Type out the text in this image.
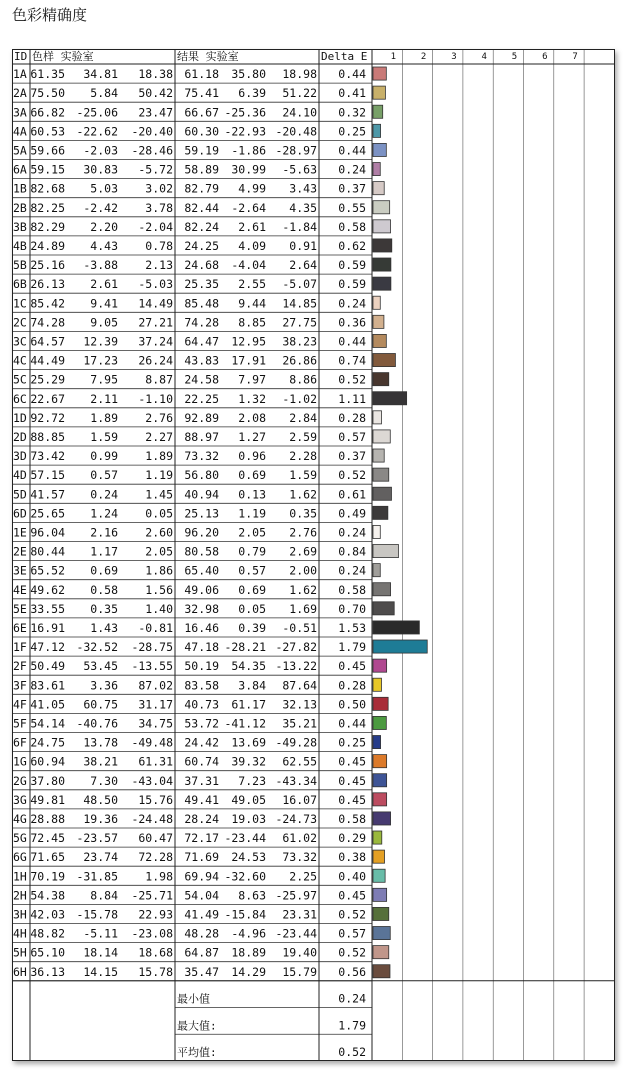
色彩精确度
ID 色样 实验室	结果 实验室	Delta E	1	2	3	4	5	6	7
1A 61.35 34.81 18.38 61.18 35.80 18.98 0.44
2A 75.50 5.84 50.42 75.41 6.39 51.22 0.41
3A 66.82 -25.06 23.47 66.67 -25.36 24.10 0.32
4A 60.53 -22.62 -20.40 60.30 -22.93 -20.48 0.25
5A 59.66 -2.03 -28.46 59.19 -1.86 -28.97 0.44
6A 59.15 30.83 -5.72 58.89 30.99 -5.63 0.24
1B 82.68 5.03 3.02 82.79 4.99 3.43 0.37
2B 82.25 -2.42 3.78 82.44 -2.64 4.35 0.55
3B 82.29 2.20 -2.04 82.24 2.61 -1.84 0.58
4B 24.89 4.43 0.78 24.25 4.09 0.91 0.62
5B 25.16 -3.88 2.13 24.68 -4.04 2.64 0.59
6B 26.13 2.61 -5.03 25.35 2.55 -5.07 0.59
1C 85.42 9.41 14.49 85.48 9.44 14.85 0.24
2C 74.28 9.05 27.21 74.28 8.85 27.75 0.36
3C 64.57 12.39 37.24 64.47 12.95 38.23 0.44
4C 44.49 17.23 26.24 43.83 17.91 26.86 0.74
5C 25.29 7.95 8.87 24.58 7.97 8.86 0.52
6C 22.67 2.11 -1.10 22.25 1.32 -1.02 1.11
1D 92.72 1.89 2.76 92.89 2.08 2.84 0.28
2D 88.85 1.59 2.27 88.97 1.27 2.59 0.57
3D 73.42 0.99 1.89 73.32 0.96 2.28 0.37
4D 57.15 0.57 1.19 56.80 0.69 1.59 0.52
5D 41.57 0.24 1.45 40.94 0.13 1.62 0.61
6D 25.65 1.24 0.05 25.13 1.19 0.35 0.49
1E 96.04 2.16 2.60 96.20 2.05 2.76 0.24
2E 80.44 1.17 2.05 80.58 0.79 2.69 0.84
3E 65.52 0.69 1.86 65.40 0.57 2.00 0.24
4E 49.62 0.58 1.56 49.06 0.69 1.62 0.58
5E 33.55 0.35 1.40 32.98 0.05 1.69 0.70
6E 16.91 1.43 -0.81 16.46 0.39 -0.51 1.53
1F 47.12 -32.52 -28.75 47.18 -28.21 -27.82 1.79
2F 50.49 53.45 -13.55 50.19 54.35 -13.22 0.45
3F 83.61 3.36 87.02 83.58 3.84 87.64 0.28
4F 41.05 60.75 31.17 40.73 61.17 32.13 0.50
5F 54.14 -40.76 34.75 53.72 -41.12 35.21 0.44
6F 24.75 13.78 -49.48 24.42 13.69 -49.28 0.25
1G 60.94 38.21 61.31 60.74 39.32 62.55 0.45
2G 37.80 7.30 -43.04 37.31 7.23 -43.34 0.45
3G 49.81 48.50 15.76 49.41 49.05 16.07 0.45
4G 28.88 19.36 -24.48 28.24 19.03 -24.73 0.58
5G 72.45 -23.57 60.47 72.17 -23.44 61.02 0.29
6G 71.65 23.74 72.28 71.69 24.53 73.32 0.38
1H 70.19 -31.85 1.98 69.94 -32.60 2.25 0.40
2H 54.38 8.84 -25.71 54.04 8.63 -25.97 0.45
3H 42.03 -15.78 22.93 41.49 -15.84 23.31 0.52
4H 48.82 -5.11 -23.08 48.28 -4.96 -23.44 0.57
5H 65.10 18.14 18.68 64.87 18.89 19.40 0.52
6H 36.13 14.15 15.78 35.47 14.29 15.79 0.56
最小值	0.24
最大值:	1.79
平均值:	0.52
